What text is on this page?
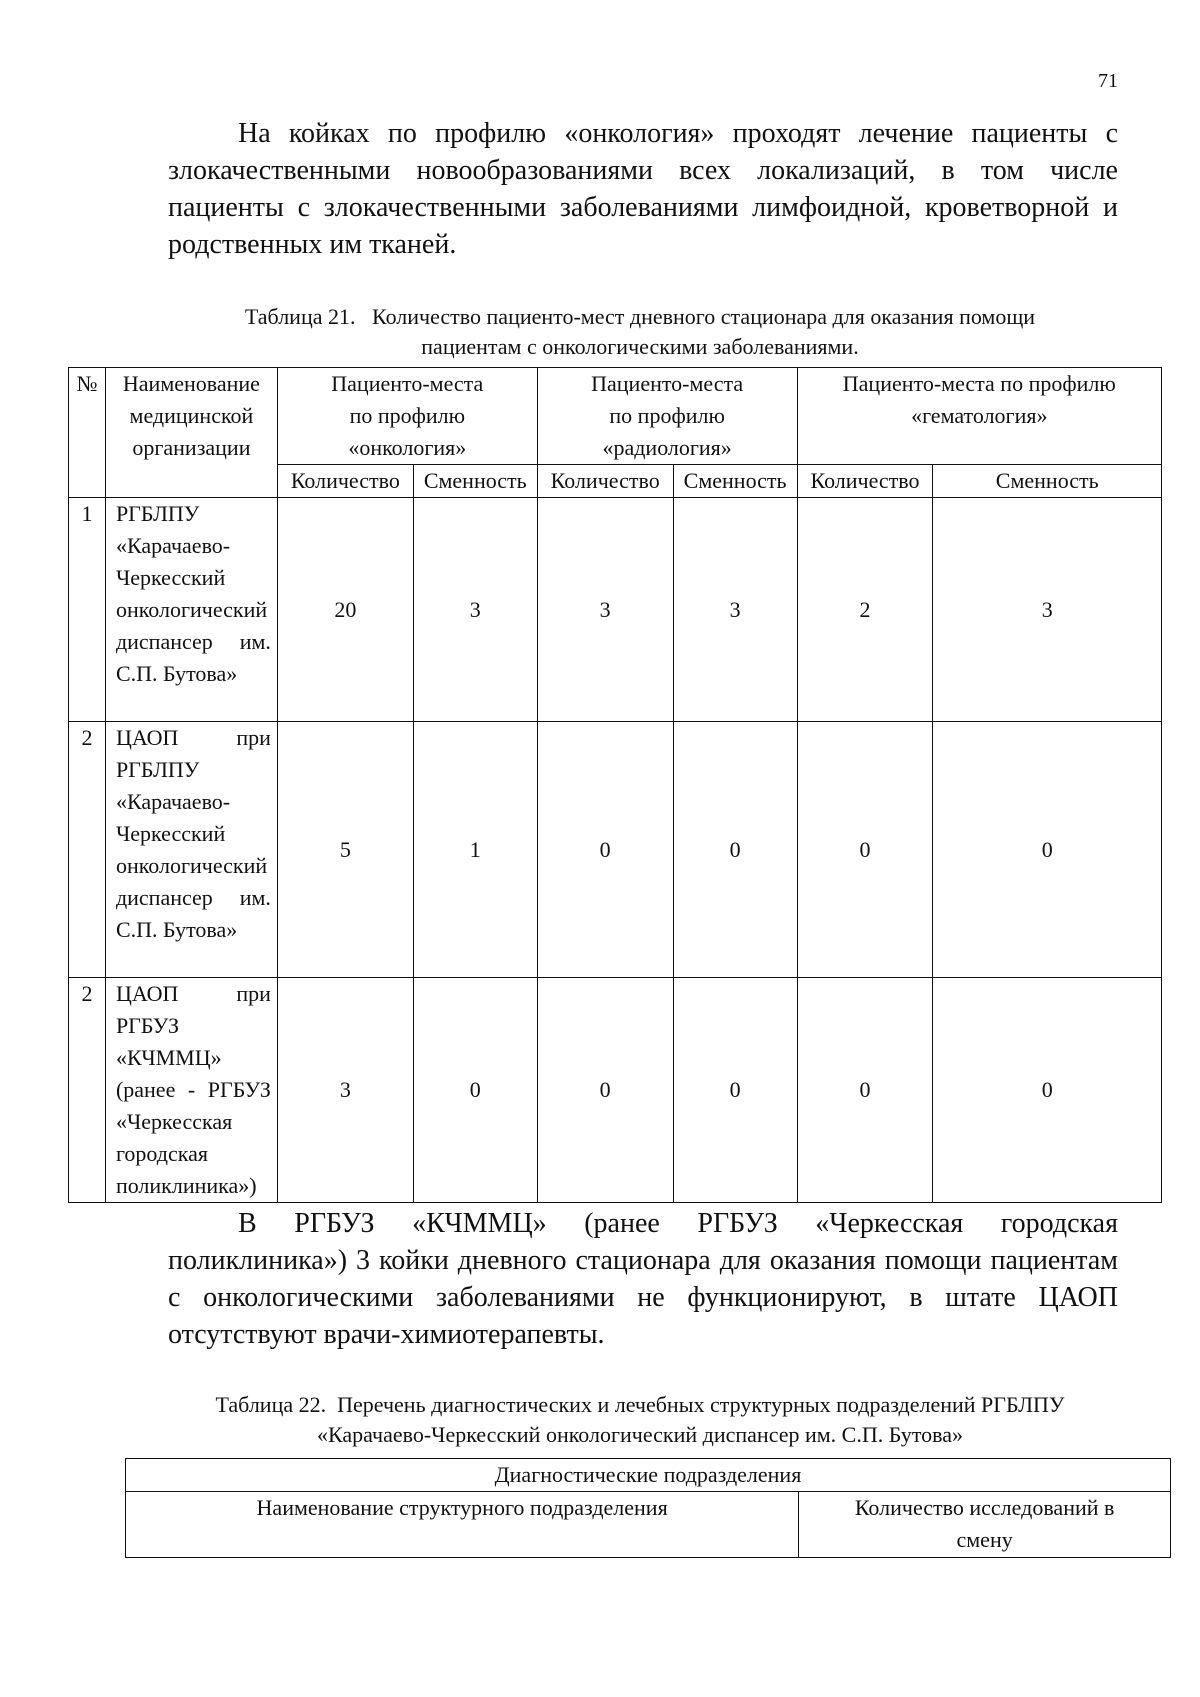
71

На койках по профилю «онкология» проходят лечение пациенты с злокачественными новообразованиями всех локализаций, в том числе пациенты с злокачественными заболеваниями лимфоидной, кроветворной и родственных им тканей.

Таблица 21.   Количество пациенто-мест дневного стационара для оказания помощи
пациентам с онкологическими заболеваниями.
№	Наименование медицинской организации	Пациенто-места по профилю «онкология»		Пациенто-места по профилю «радиология»		Пациенто-места по профилю «гематология»	
		Количество	Сменность	Количество	Сменность	Количество	Сменность
1	РГБЛПУ «Карачаево-Черкесский онкологический диспансер им. С.П. Бутова»	20	3	3	3	2	3
2	ЦАОП при РГБЛПУ «Карачаево-Черкесский онкологический диспансер им. С.П. Бутова»	5	1	0	0	0	0
2	ЦАОП при РГБУЗ «КЧММЦ» (ранее - РГБУЗ «Черкесская городская поликлиника»)	3	0	0	0	0	0

В РГБУЗ «КЧММЦ» (ранее РГБУЗ «Черкесская городская поликлиника») 3 койки дневного стационара для оказания помощи пациентам с онкологическими заболеваниями не функционируют, в штате ЦАОП отсутствуют врачи-химиотерапевты.

Таблица 22.  Перечень диагностических и лечебных структурных подразделений РГБЛПУ
«Карачаево-Черкесский онкологический диспансер им. С.П. Бутова»
Диагностические подразделения
Наименование структурного подразделения	Количество исследований в смену
